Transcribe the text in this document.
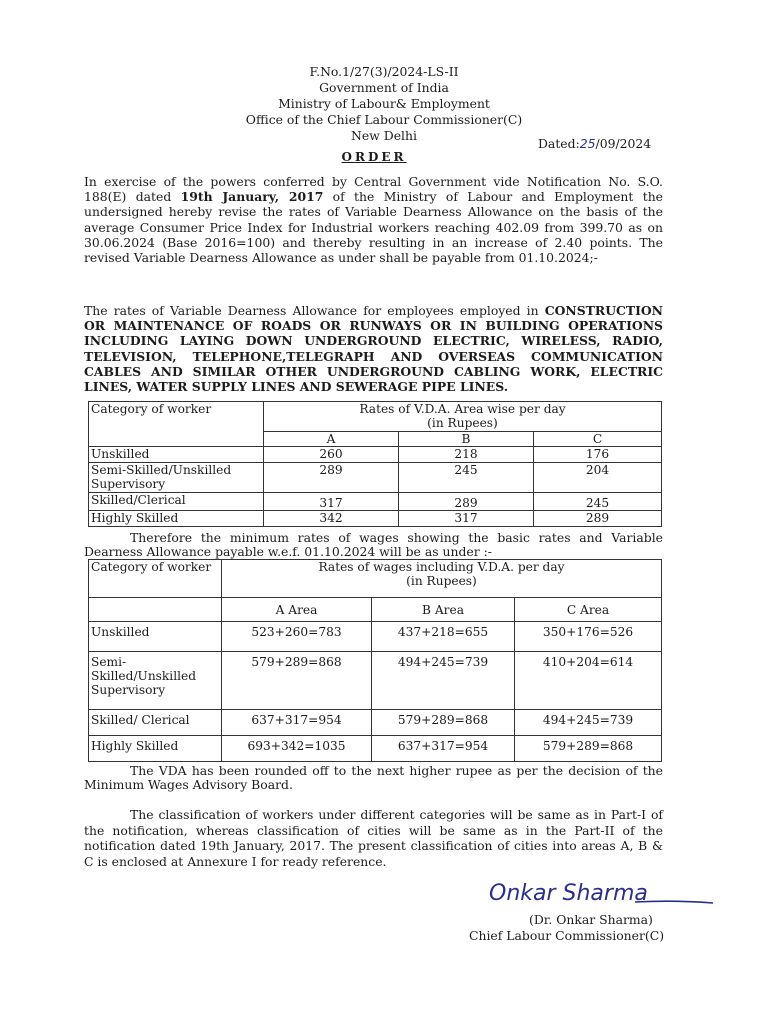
F.No.1/27(3)/2024-LS-II
Government of India
Ministry of Labour& Employment
Office of the Chief Labour Commissioner(C)
New Delhi
Dated:25/09/2024
ORDER
In exercise of the powers conferred by Central Government vide Notification No. S.O. 188(E) dated 19th January, 2017 of the Ministry of Labour and Employment the undersigned hereby revise the rates of Variable Dearness Allowance on the basis of the average Consumer Price Index for Industrial workers reaching 402.09 from 399.70 as on 30.06.2024 (Base 2016=100) and thereby resulting in an increase of 2.40 points. The revised Variable Dearness Allowance as under shall be payable from 01.10.2024;-
The rates of Variable Dearness Allowance for employees employed in CONSTRUCTION OR MAINTENANCE OF ROADS OR RUNWAYS OR IN BUILDING OPERATIONS INCLUDING LAYING DOWN UNDERGROUND ELECTRIC, WIRELESS, RADIO, TELEVISION, TELEPHONE,TELEGRAPH AND OVERSEAS COMMUNICATION CABLES AND SIMILAR OTHER UNDERGROUND CABLING WORK, ELECTRIC LINES, WATER SUPPLY LINES AND SEWERAGE PIPE LINES.
Category of worker	Rates of V.D.A. Area wise per day
(in Rupees)		

	A	B	C
Unskilled	260	218	176
Semi-Skilled/Unskilled Supervisory	289	245	204
Skilled/Clerical	317	289	245
Highly Skilled	342	317	289
Therefore the minimum rates of wages showing the basic rates and Variable Dearness Allowance payable w.e.f. 01.10.2024 will be as under :-
Category of worker	Rates of wages including V.D.A. per day
(in Rupees)		

	A Area	B Area	C Area
Unskilled	523+260=783	437+218=655	350+176=526
Semi-Skilled/Unskilled Supervisory	579+289=868	494+245=739	410+204=614
Skilled/ Clerical	637+317=954	579+289=868	494+245=739
Highly Skilled	693+342=1035	637+317=954	579+289=868
The VDA has been rounded off to the next higher rupee as per the decision of the Minimum Wages Advisory Board.
The classification of workers under different categories will be same as in Part-I of the notification, whereas classification of cities will be same as in the Part-II of the notification dated 19th January, 2017. The present classification of cities into areas A, B & C is enclosed at Annexure I for ready reference.
Onkar Sharma
(Dr. Onkar Sharma)
Chief Labour Commissioner(C)
